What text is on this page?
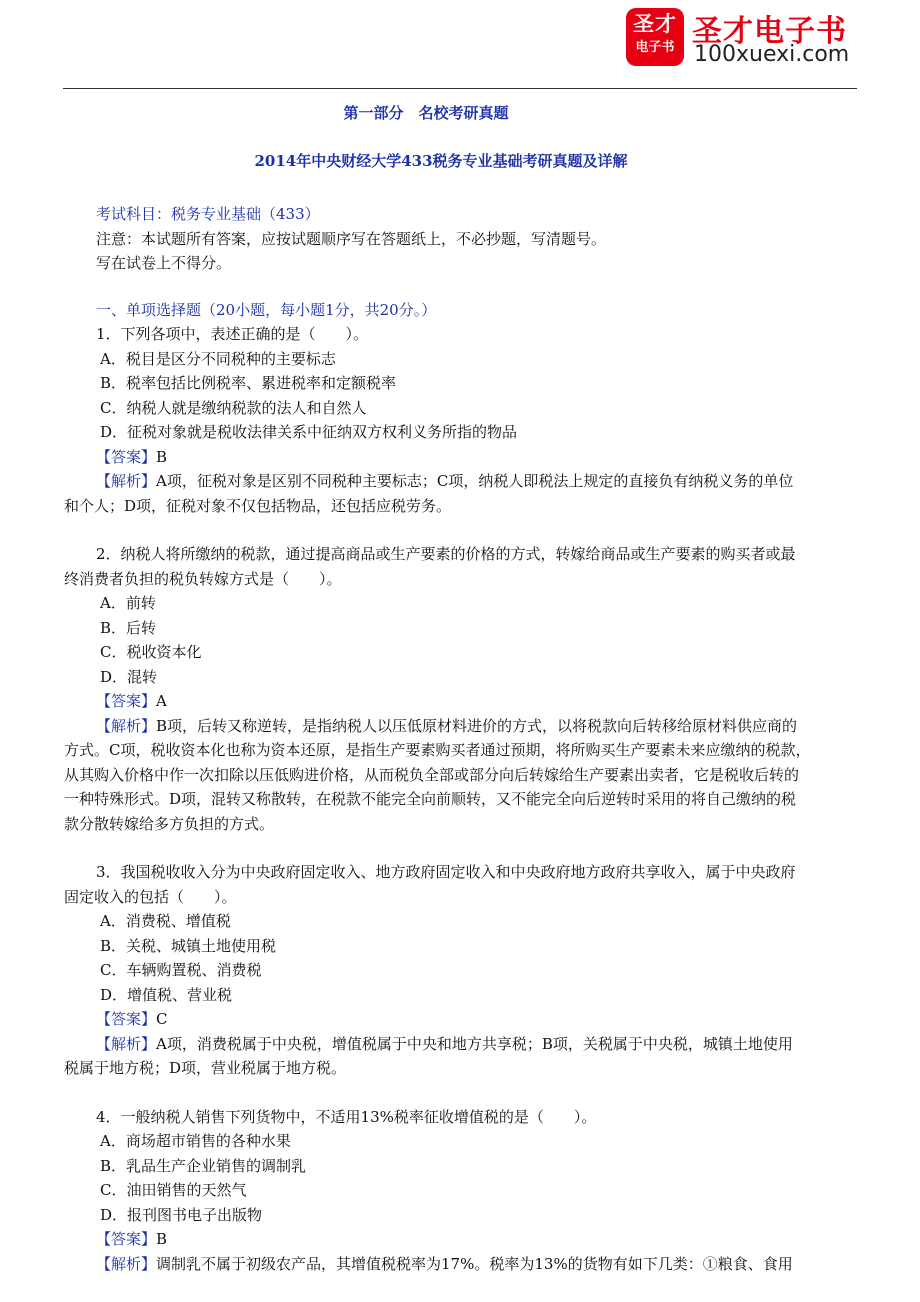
圣才
电子书 圣才电子书
100xuexi.com
第一部分　名校考研真题
2014年中央财经大学433税务专业基础考研真题及详解
考试科目：税务专业基础（433）
注意：本试题所有答案，应按试题顺序写在答题纸上，不必抄题，写清题号。
写在试卷上不得分。
一、单项选择题（20小题，每小题1分，共20分。）
1．下列各项中，表述正确的是（　　）。
A．税目是区分不同税种的主要标志
B．税率包括比例税率、累进税率和定额税率
C．纳税人就是缴纳税款的法人和自然人
D．征税对象就是税收法律关系中征纳双方权利义务所指的物品
【答案】B
【解析】A项，征税对象是区别不同税种主要标志；C项，纳税人即税法上规定的直接负有纳税义务的单位
和个人；D项，征税对象不仅包括物品，还包括应税劳务。
2．纳税人将所缴纳的税款，通过提高商品或生产要素的价格的方式，转嫁给商品或生产要素的购买者或最
终消费者负担的税负转嫁方式是（　　）。
A．前转
B．后转
C．税收资本化
D．混转
【答案】A
【解析】B项，后转又称逆转，是指纳税人以压低原材料进价的方式，以将税款向后转移给原材料供应商的
方式。C项，税收资本化也称为资本还原，是指生产要素购买者通过预期，将所购买生产要素未来应缴纳的税款，
从其购入价格中作一次扣除以压低购进价格，从而税负全部或部分向后转嫁给生产要素出卖者，它是税收后转的
一种特殊形式。D项，混转又称散转，在税款不能完全向前顺转，又不能完全向后逆转时采用的将自己缴纳的税
款分散转嫁给多方负担的方式。
3．我国税收收入分为中央政府固定收入、地方政府固定收入和中央政府地方政府共享收入，属于中央政府
固定收入的包括（　　）。
A．消费税、增值税
B．关税、城镇土地使用税
C．车辆购置税、消费税
D．增值税、营业税
【答案】C
【解析】A项，消费税属于中央税，增值税属于中央和地方共享税；B项，关税属于中央税，城镇土地使用
税属于地方税；D项，营业税属于地方税。
4．一般纳税人销售下列货物中，不适用13%税率征收增值税的是（　　）。
A．商场超市销售的各种水果
B．乳品生产企业销售的调制乳
C．油田销售的天然气
D．报刊图书电子出版物
【答案】B
【解析】调制乳不属于初级农产品，其增值税税率为17%。税率为13%的货物有如下几类：①粮食、食用
